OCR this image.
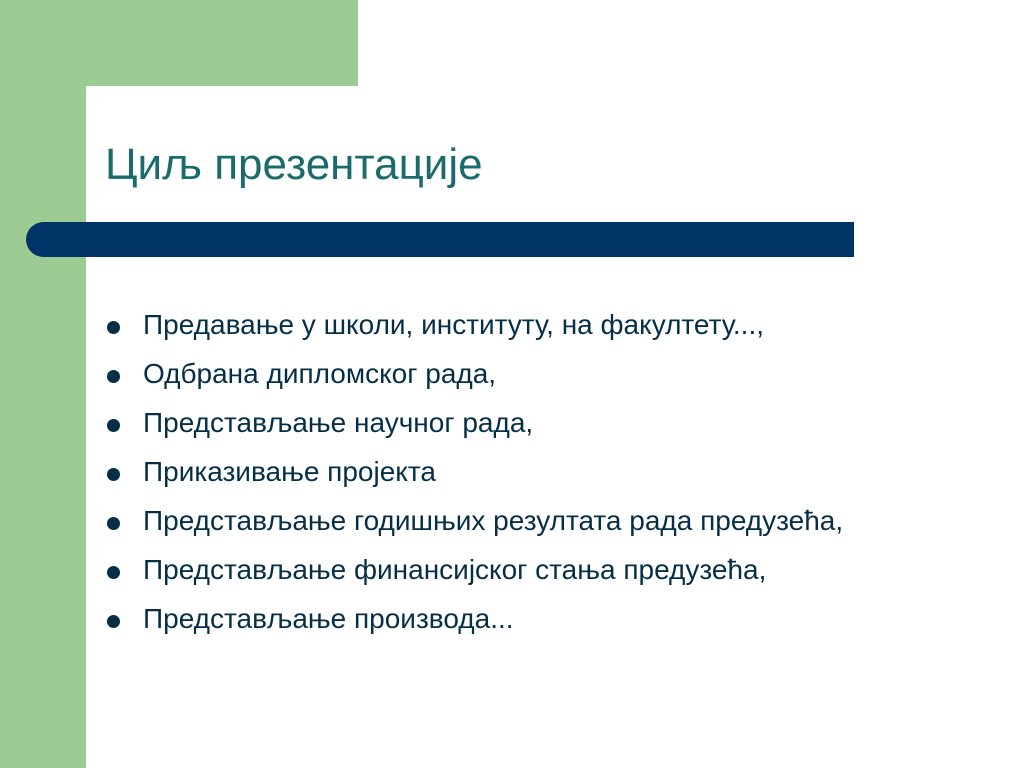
Циљ презентације
Предавање у школи, институту, на факултету...,
Одбрана дипломског рада,
Представљање научног рада,
Приказивање пројекта
Представљање годишњих резултата рада предузећа,
Представљање финансијског стања предузећа,
Представљање производа...
